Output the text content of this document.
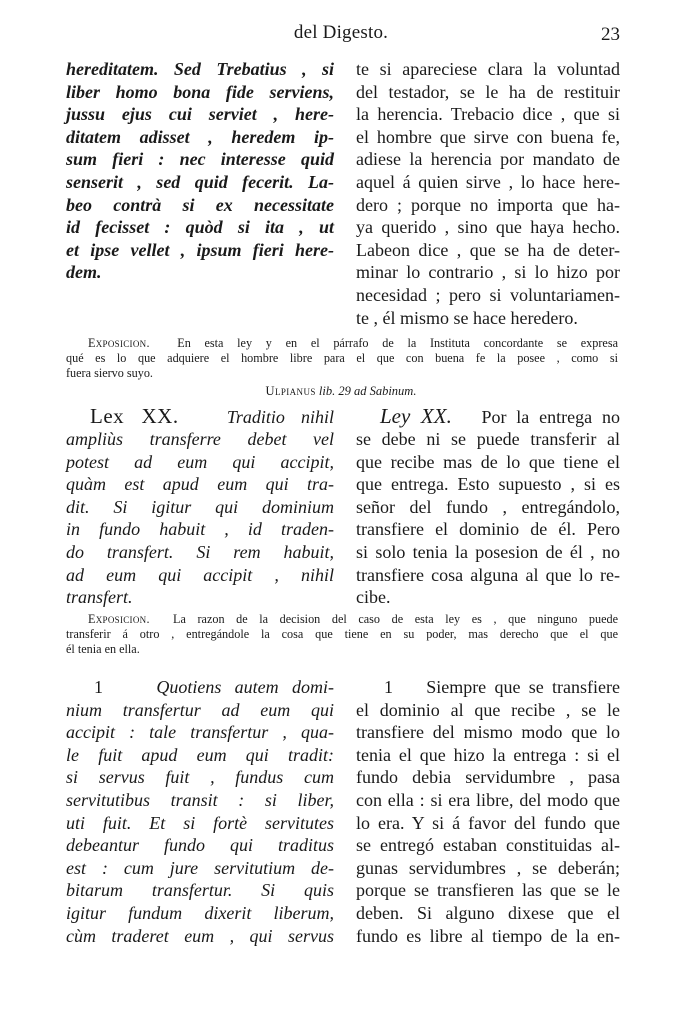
del Digesto.	23
hereditatem. Sed Trebatius , si
liber homo bona fide serviens,
jussu ejus cui serviet , here-
ditatem adisset , heredem ip-
sum fieri : nec interesse quid
senserit , sed quid fecerit. La-
beo contrà si ex necessitate
id fecisset : quòd si ita , ut
et ipse vellet , ipsum fieri here-
dem.
te si apareciese clara la voluntad
del testador, se le ha de restituir
la herencia. Trebacio dice , que si
el hombre que sirve con buena fe,
adiese la herencia por mandato de
aquel á quien sirve , lo hace here-
dero ; porque no importa que ha-
ya querido , sino que haya hecho.
Labeon dice , que se ha de deter-
minar lo contrario , si lo hizo por
necesidad ; pero si voluntariamen-
te , él mismo se hace heredero.
Exposicion. En esta ley y en el párrafo de la Instituta concordante se expresa
qué es lo que adquiere el hombre libre para el que con buena fe la posee , como si
fuera siervo suyo.
Ulpianus lib. 29 ad Sabinum.
Lex XX.	Traditio nihil
ampliùs transferre debet vel
potest ad eum qui accipit,
quàm est apud eum qui tra-
dit. Si igitur qui dominium
in fundo habuit , id traden-
do transfert. Si rem habuit,
ad eum qui accipit , nihil
transfert.
Ley XX. Por la entrega no
se debe ni se puede transferir al
que recibe mas de lo que tiene el
que entrega. Esto supuesto , si es
señor del fundo , entregándolo,
transfiere el dominio de él. Pero
si solo tenia la posesion de él , no
transfiere cosa alguna al que lo re-
cibe.
Exposicion. La razon de la decision del caso de esta ley es , que ninguno puede
transferir á otro , entregándole la cosa que tiene en su poder, mas derecho que el que
él tenia en ella.
1	Quotiens autem domi-
nium transfertur ad eum qui
accipit : tale transfertur , qua-
le fuit apud eum qui tradit:
si servus fuit , fundus cum
servitutibus transit : si liber,
uti fuit. Et si fortè servitutes
debeantur fundo qui traditus
est : cum jure servitutium de-
bitarum transfertur. Si quis
igitur fundum dixerit liberum,
cùm traderet eum , qui servus
1 Siempre que se transfiere
el dominio al que recibe , se le
transfiere del mismo modo que lo
tenia el que hizo la entrega : si el
fundo debia servidumbre , pasa
con ella : si era libre, del modo que
lo era. Y si á favor del fundo que
se entregó estaban constituidas al-
gunas servidumbres , se deberán;
porque se transfieren las que se le
deben. Si alguno dixese que el
fundo es libre al tiempo de la en-
